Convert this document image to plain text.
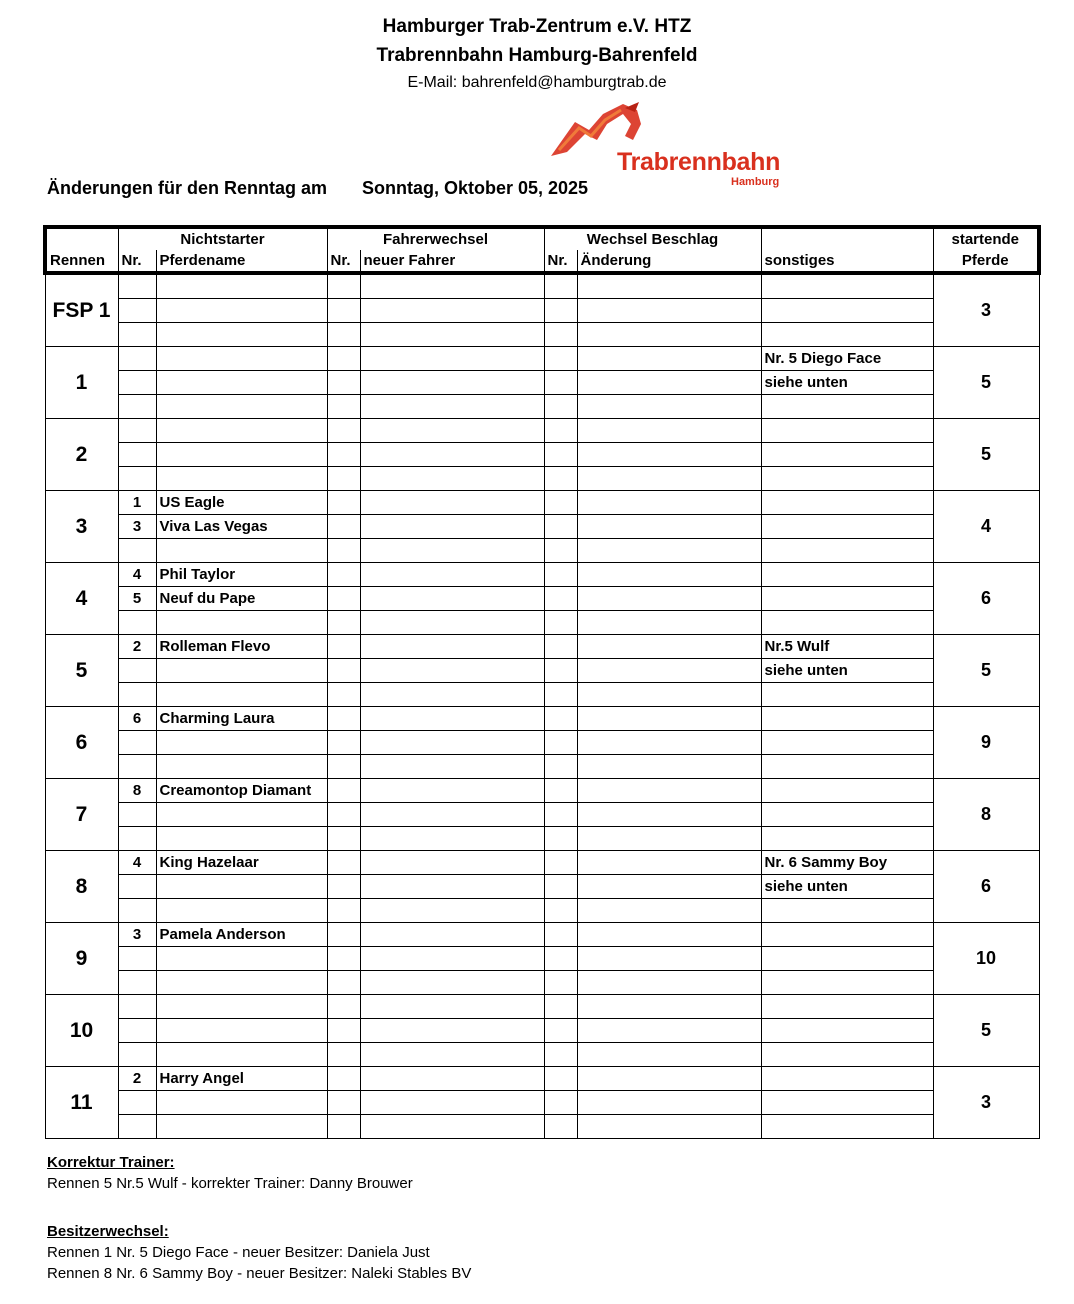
Hamburger Trab-Zentrum e.V. HTZ
Trabrennbahn Hamburg-Bahrenfeld
E-Mail: bahrenfeld@hamburgtrab.de
Trabrennbahn
Hamburg
Änderungen für den Renntag am Sonntag, Oktober 05, 2025
	Nichtstarter		Fahrerwechsel		Wechsel Beschlag			startende
Rennen	Nr.	Pferdename	Nr.	neuer Fahrer	Nr.	Änderung	sonstiges	Pferde
FSP 1								3

1							Nr. 5 Diego Face	5
							siehe unten	

2								5

3	1	US Eagle						4
	3	Viva Las Vegas						

4	4	Phil Taylor						6
	5	Neuf du Pape						

5	2	Rolleman Flevo					Nr.5 Wulf	5
							siehe unten	

6	6	Charming Laura						9

7	8	Creamontop Diamant						8

8	4	King Hazelaar					Nr. 6 Sammy Boy	6
							siehe unten	

9	3	Pamela Anderson						10

10								5

11	2	Harry Angel						3

Korrektur Trainer:
Rennen 5 Nr.5 Wulf - korrekter Trainer: Danny Brouwer
Besitzerwechsel:
Rennen 1 Nr. 5 Diego Face - neuer Besitzer: Daniela Just
Rennen 8 Nr. 6 Sammy Boy - neuer Besitzer: Naleki Stables BV
